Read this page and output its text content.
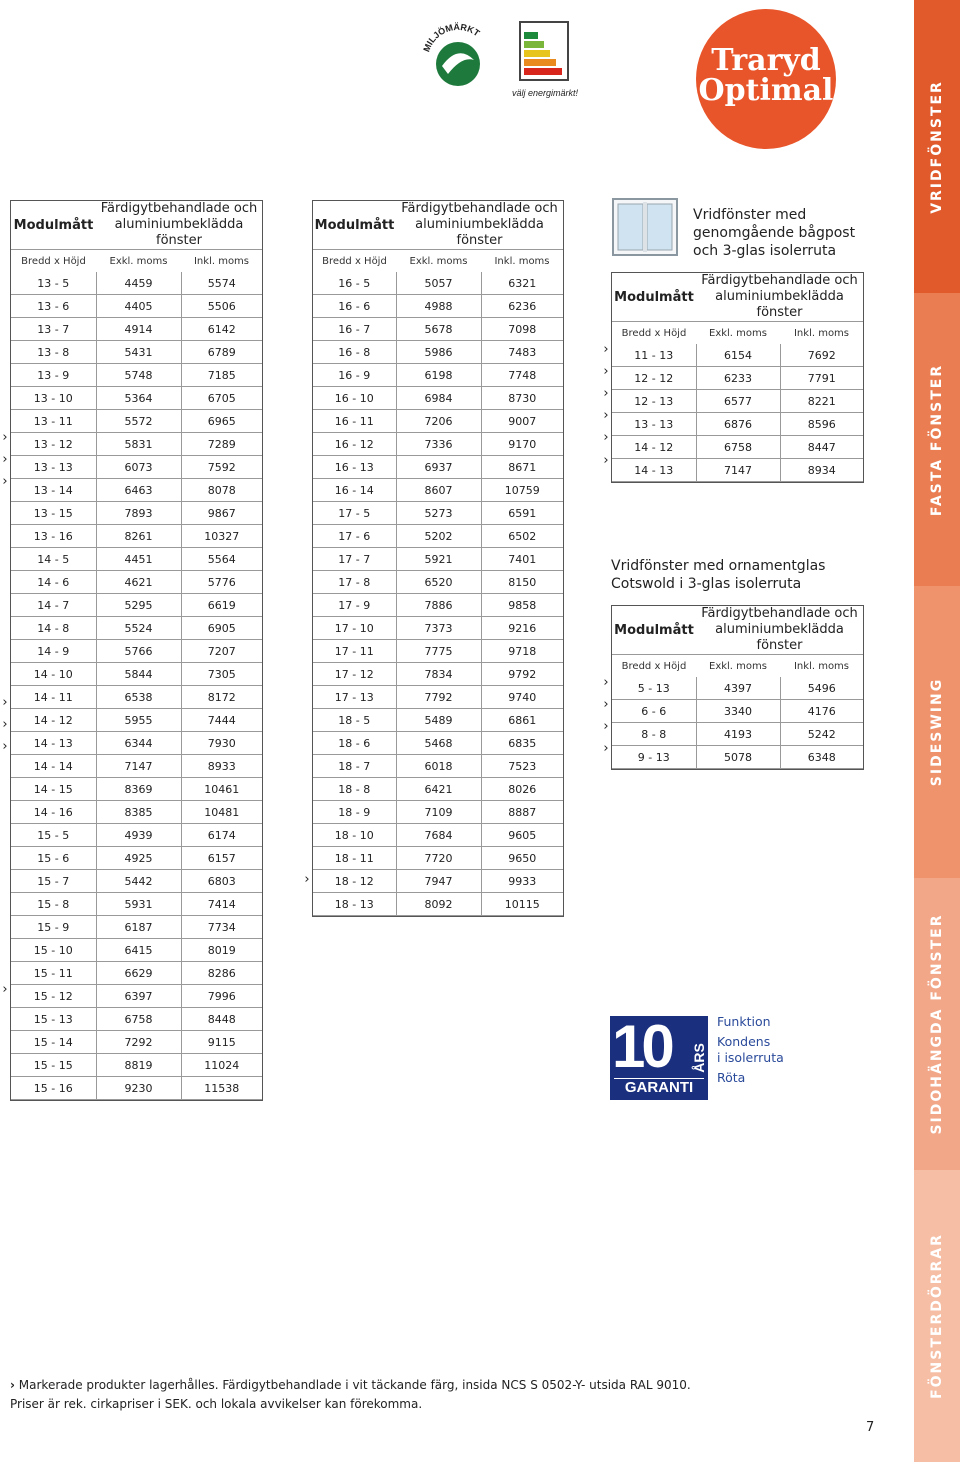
MILJÖMÄRKT
välj energimärkt!
Traryd
Optimal
Modulmått	Färdigytbehandlade och
aluminiumbeklädda fönster	

Bredd x Höjd	Exkl. moms	Inkl. moms
13 - 5	4459	5574
13 - 6	4405	5506
13 - 7	4914	6142
13 - 8	5431	6789
13 - 9	5748	7185
13 - 10	5364	6705
13 - 11	5572	6965
13 - 12	5831	7289
13 - 13	6073	7592
13 - 14	6463	8078
13 - 15	7893	9867
13 - 16	8261	10327
14 - 5	4451	5564
14 - 6	4621	5776
14 - 7	5295	6619
14 - 8	5524	6905
14 - 9	5766	7207
14 - 10	5844	7305
14 - 11	6538	8172
14 - 12	5955	7444
14 - 13	6344	7930
14 - 14	7147	8933
14 - 15	8369	10461
14 - 16	8385	10481
15 - 5	4939	6174
15 - 6	4925	6157
15 - 7	5442	6803
15 - 8	5931	7414
15 - 9	6187	7734
15 - 10	6415	8019
15 - 11	6629	8286
15 - 12	6397	7996
15 - 13	6758	8448
15 - 14	7292	9115
15 - 15	8819	11024
15 - 16	9230	11538
›
›
›
›
›
›
›
Modulmått	Färdigytbehandlade och
aluminiumbeklädda fönster	

Bredd x Höjd	Exkl. moms	Inkl. moms
16 - 5	5057	6321
16 - 6	4988	6236
16 - 7	5678	7098
16 - 8	5986	7483
16 - 9	6198	7748
16 - 10	6984	8730
16 - 11	7206	9007
16 - 12	7336	9170
16 - 13	6937	8671
16 - 14	8607	10759
17 - 5	5273	6591
17 - 6	5202	6502
17 - 7	5921	7401
17 - 8	6520	8150
17 - 9	7886	9858
17 - 10	7373	9216
17 - 11	7775	9718
17 - 12	7834	9792
17 - 13	7792	9740
18 - 5	5489	6861
18 - 6	5468	6835
18 - 7	6018	7523
18 - 8	6421	8026
18 - 9	7109	8887
18 - 10	7684	9605
18 - 11	7720	9650
18 - 12	7947	9933
18 - 13	8092	10115
›
Vridfönster med
genomgående bågpost
och 3-glas isolerruta
Modulmått	Färdigytbehandlade och
aluminiumbeklädda fönster	

Bredd x Höjd	Exkl. moms	Inkl. moms
11 - 13	6154	7692
12 - 12	6233	7791
12 - 13	6577	8221
13 - 13	6876	8596
14 - 12	6758	8447
14 - 13	7147	8934
›
›
›
›
›
›
Vridfönster med ornamentglas
Cotswold i 3-glas isolerruta
Modulmått	Färdigytbehandlade och
aluminiumbeklädda fönster	

Bredd x Höjd	Exkl. moms	Inkl. moms
5 - 13	4397	5496
6 - 6	3340	4176
8 - 8	4193	5242
9 - 13	5078	6348
›
›
›
›
10 ÅRS
GARANTI
Funktion
Kondens
i isolerruta
Röta
› Markerade produkter lagerhålles. Färdigytbehandlade i vit täckande färg, insida NCS S 0502-Y- utsida RAL 9010.
Priser är rek. cirkapriser i SEK. och lokala avvikelser kan förekomma.
7
VRIDFÖNSTER
FASTA FÖNSTER
SIDESWING
SIDOHÄNGDA FÖNSTER
FÖNSTERDÖRRAR
